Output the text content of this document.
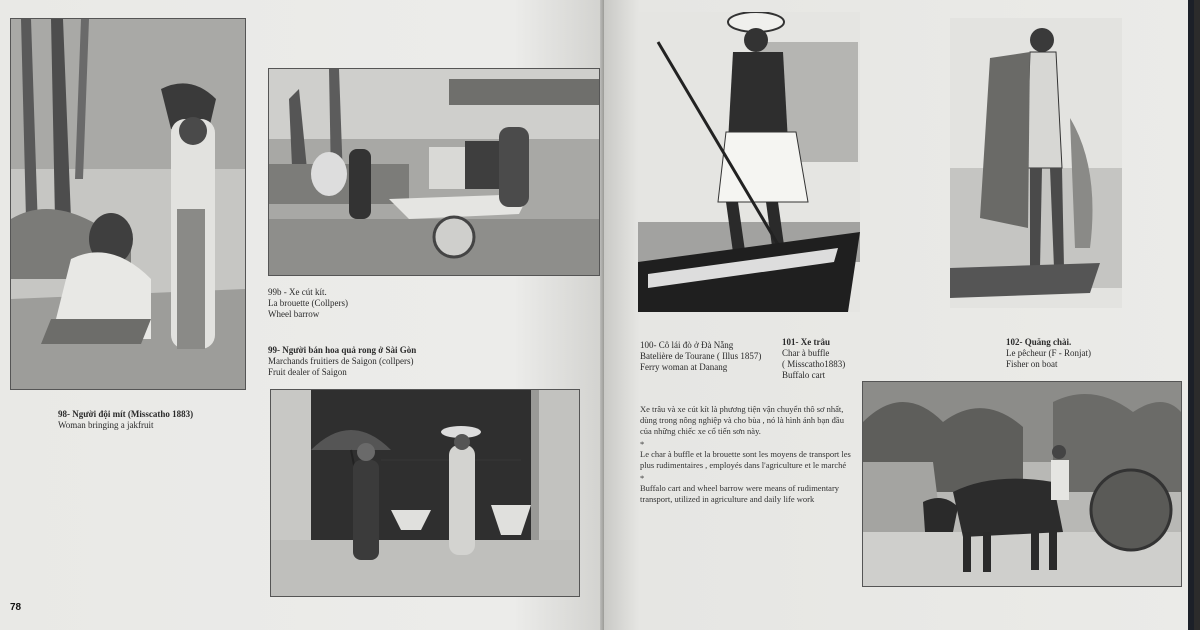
98- Người đội mít (Misscatho 1883)
Woman bringing a jakfruit
99b - Xe cút kít.
La brouette (Collpers)
Wheel barrow
99- Người bán hoa quả rong ở Sài Gòn
Marchands fruitiers de Saigon (collpers)
Fruit dealer of Saigon
78
100- Cô lái đò ở Đà Nẵng
Batelière de Tourane ( Illus 1857)
Ferry woman at Danang
101- Xe trâu
Char à buffle
( Misscatho1883)
Buffalo cart
102- Quăng chài.
Le pêcheur (F - Ronjat)
Fisher on boat

Xe trâu và xe cút kít là phương tiện vận chuyển thô sơ nhất, dùng trong nông nghiệp và cho bùa , nó là hình ảnh bạn đầu của những chiếc xe cổ tiến sơn này.

*

Le char à buffle et la brouette sont les moyens de transport les plus rudimentaires , employés dans l'agriculture et le marché

*

Buffalo cart and wheel barrow were means of rudimentary transport, utilized in agriculture and daily life work
